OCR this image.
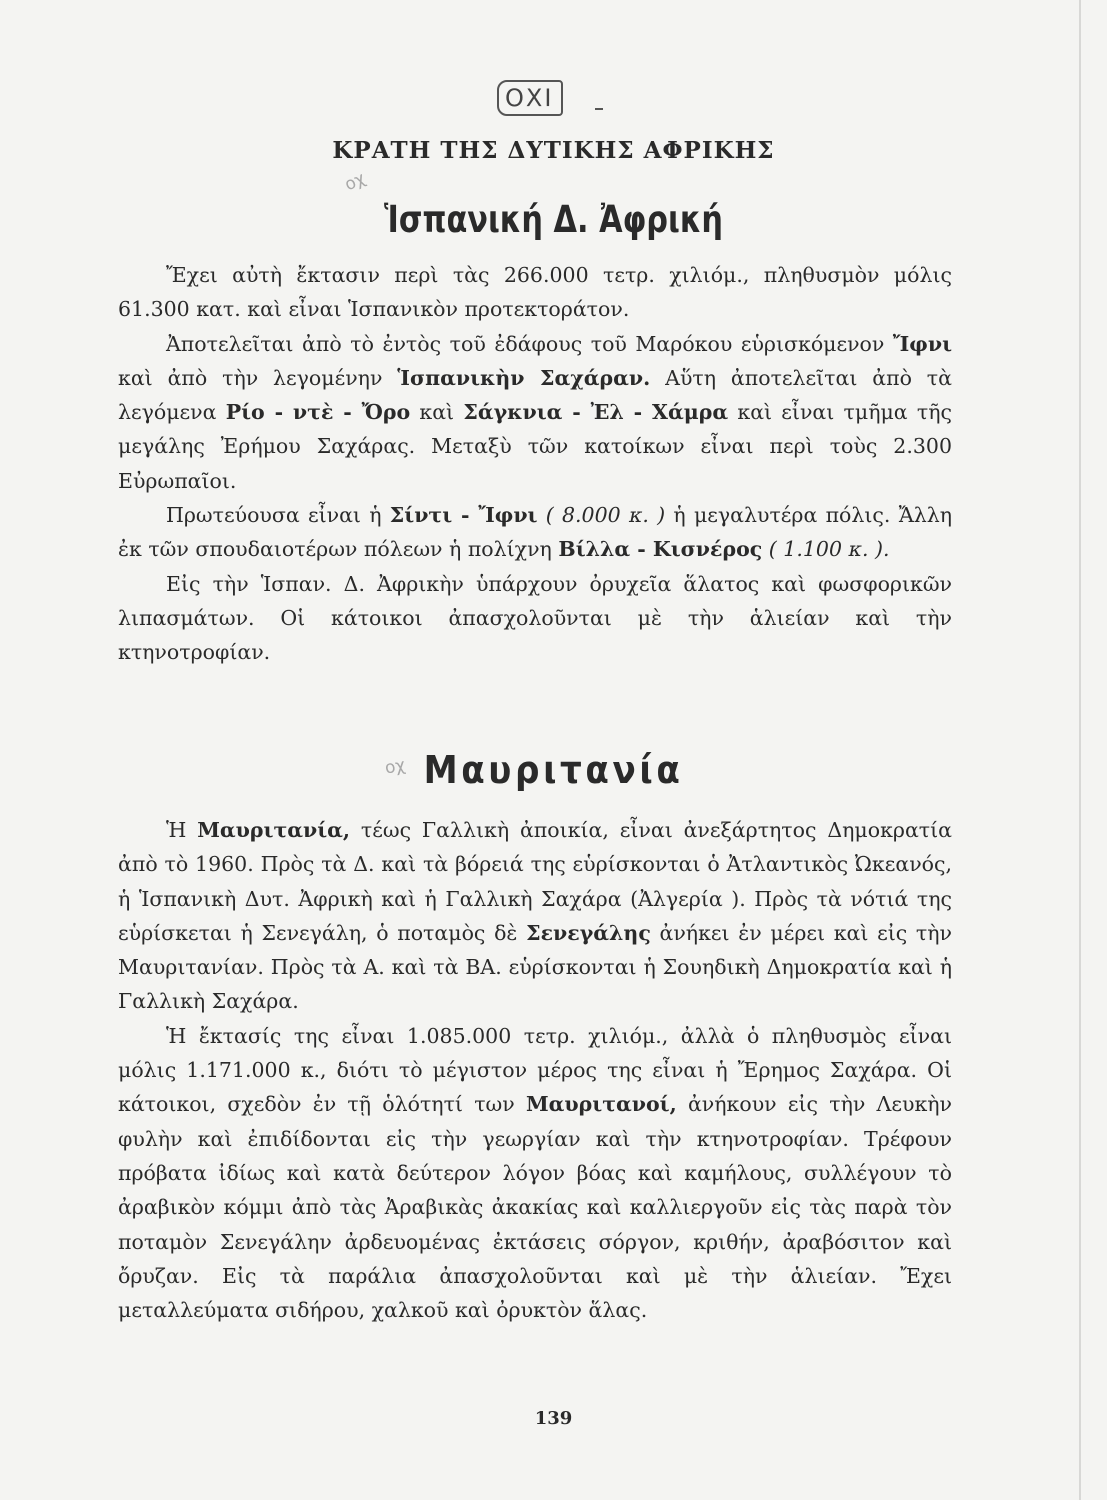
ΟΧΙ
ΚΡΑΤΗ ΤΗΣ ΔΥΤΙΚΗΣ ΑΦΡΙΚΗΣ
οχ
Ἱσπανική Δ. Ἀφρική

Ἔχει αὐτὴ ἔκτασιν περὶ τὰς 266.000 τετρ. χιλιόμ., πληθυσμὸν μόλις 61.300 κατ. καὶ εἶναι Ἱσπανικὸν προτεκτοράτον.

Ἀποτελεῖται ἀπὸ τὸ ἐντὸς τοῦ ἐδάφους τοῦ Μαρόκου εὑρισκόμενον Ἴφνι καὶ ἀπὸ τὴν λεγομένην Ἱσπανικὴν Σαχάραν. Αὕτη ἀποτελεῖται ἀπὸ τὰ λεγόμενα Ρίο - ντὲ - Ὄρο καὶ Σάγκνια - Ἐλ - Χάμρα καὶ εἶναι τμῆμα τῆς μεγάλης Ἐρήμου Σαχάρας. Μεταξὺ τῶν κατοίκων εἶναι περὶ τοὺς 2.300 Εὐρωπαῖοι.

Πρωτεύουσα εἶναι ἡ Σίντι - Ἴφνι ( 8.000 κ. ) ἡ μεγαλυτέρα πόλις. Ἄλλη ἐκ τῶν σπουδαιοτέρων πόλεων ἡ πολίχνη Βίλλα - Κισνέρος ( 1.100 κ. ).

Εἰς τὴν Ἱσπαν. Δ. Ἀφρικὴν ὑπάρχουν ὀρυχεῖα ἅλατος καὶ φωσφορικῶν λιπασμάτων. Οἱ κάτοικοι ἀπασχολοῦνται μὲ τὴν ἁλιείαν καὶ τὴν κτηνοτροφίαν.

οχ Μαυριτανία

Ἡ Μαυριτανία, τέως Γαλλικὴ ἀποικία, εἶναι ἀνεξάρτητος Δημοκρατία ἀπὸ τὸ 1960. Πρὸς τὰ Δ. καὶ τὰ βόρειά της εὑρίσκονται ὁ Ἀτλαντικὸς Ὠκεανός, ἡ Ἱσπανικὴ Δυτ. Ἀφρικὴ καὶ ἡ Γαλλικὴ Σαχάρα (Ἀλγερία ). Πρὸς τὰ νότιά της εὑρίσκεται ἡ Σενεγάλη, ὁ ποταμὸς δὲ Σενεγάλης ἀνήκει ἐν μέρει καὶ εἰς τὴν Μαυριτανίαν. Πρὸς τὰ Α. καὶ τὰ ΒΑ. εὑρίσκονται ἡ Σουηδικὴ Δημοκρατία καὶ ἡ Γαλλικὴ Σαχάρα.

Ἡ ἔκτασίς της εἶναι 1.085.000 τετρ. χιλιόμ., ἀλλὰ ὁ πληθυσμὸς εἶναι μόλις 1.171.000 κ., διότι τὸ μέγιστον μέρος της εἶναι ἡ Ἔρημος Σαχάρα. Οἱ κάτοικοι, σχεδὸν ἐν τῇ ὁλότητί των Μαυριτανοί, ἀνήκουν εἰς τὴν Λευκὴν φυλὴν καὶ ἐπιδίδονται εἰς τὴν γεωργίαν καὶ τὴν κτηνοτροφίαν. Τρέφουν πρόβατα ἰδίως καὶ κατὰ δεύτερον λόγον βόας καὶ καμήλους, συλλέγουν τὸ ἀραβικὸν κόμμι ἀπὸ τὰς Ἀραβικὰς ἀκακίας καὶ καλλιεργοῦν εἰς τὰς παρὰ τὸν ποταμὸν Σενεγάλην ἀρδευομένας ἐκτάσεις σόργον, κριθήν, ἀραβόσιτον καὶ ὄρυζαν. Εἰς τὰ παράλια ἀπασχολοῦνται καὶ μὲ τὴν ἁλιείαν. Ἔχει μεταλλεύματα σιδήρου, χαλκοῦ καὶ ὀρυκτὸν ἅλας.

139
